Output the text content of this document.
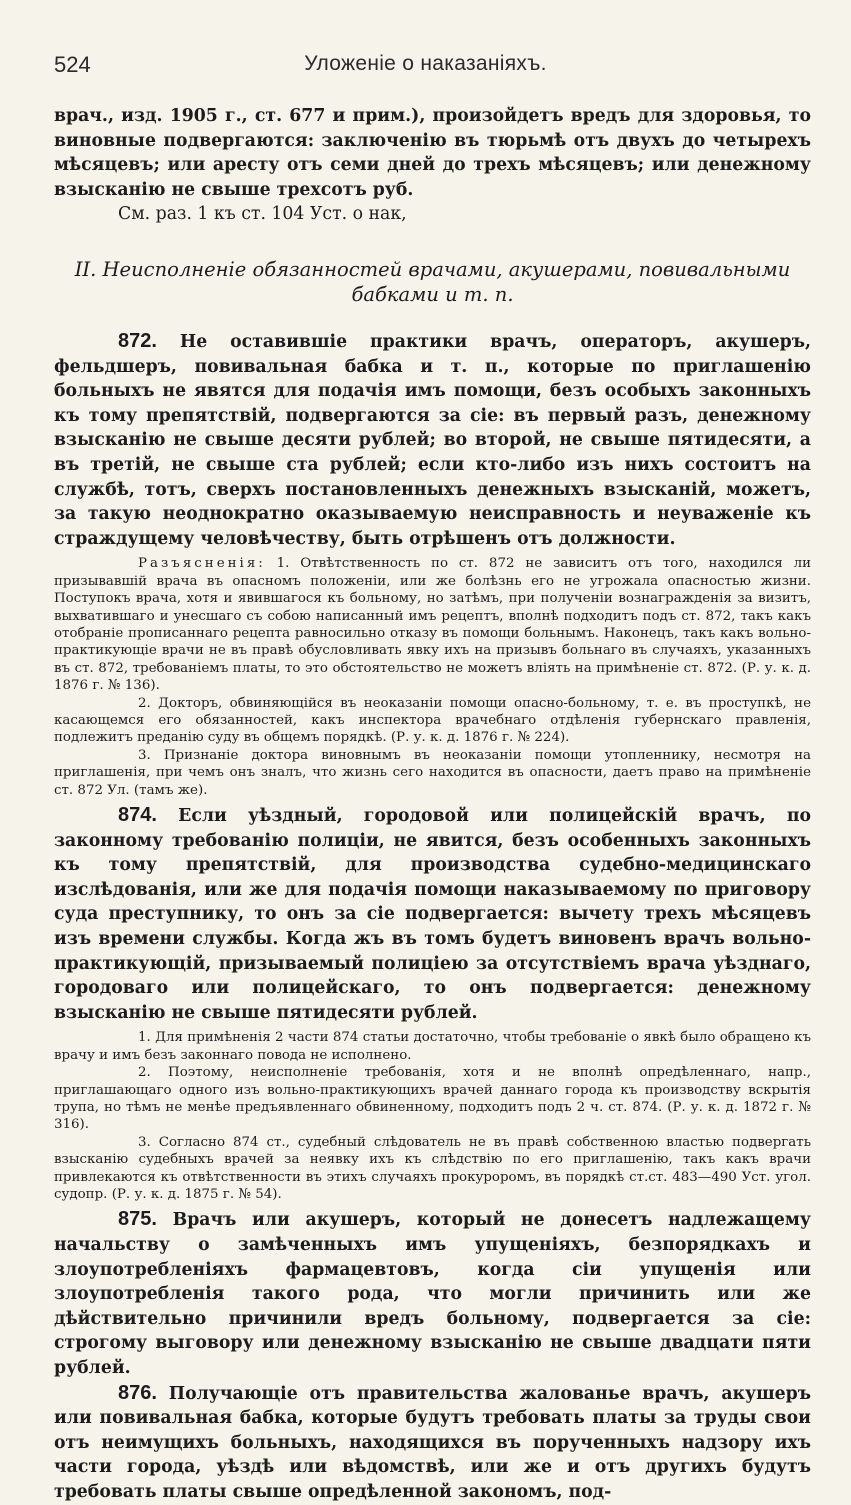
524	Уложеніе о наказаніяхъ.

врач., изд. 1905 г., ст. 677 и прим.), произойдетъ вредъ для здоровья, то виновные подвергаются: заключенію въ тюрьмѣ отъ двухъ до четырехъ мѣсяцевъ; или аресту отъ семи дней до трехъ мѣсяцевъ; или денежному взысканію не свыше трехсотъ руб.

См. раз. 1 къ ст. 104 Уст. о нак,

II. Неисполненіе обязанностей врачами, акушерами, повивальными бабками и т. п.

872. Не оставившіе практики врачъ, операторъ, акушеръ, фельдшеръ, повивальная бабка и т. п., которые по приглашенію больныхъ не явятся для подачія имъ помощи, безъ особыхъ законныхъ къ тому препятствій, подвергаются за сіе: въ первый разъ, денежному взысканію не свыше десяти рублей; во второй, не свыше пятидесяти, а въ третій, не свыше ста рублей; если кто-либо изъ нихъ состоитъ на службѣ, тотъ, сверхъ постановленныхъ денежныхъ взысканій, можетъ, за такую неоднократно оказываемую неисправность и неуваженіе къ страждущему человѣчеству, быть отрѣшенъ отъ должности.

Разъясненія: 1. Отвѣтственность по ст. 872 не зависитъ отъ того, находился ли призывавшій врача въ опасномъ положеніи, или же болѣзнь его не угрожала опасностью жизни. Поступокъ врача, хотя и явившагося къ больному, но затѣмъ, при полученіи вознагражденія за визитъ, выхватившаго и унесшаго съ собою написанный имъ рецептъ, вполнѣ подходитъ подъ ст. 872, такъ какъ отобраніе прописаннаго рецепта равносильно отказу въ помощи больнымъ. Наконецъ, такъ какъ вольно-практикующіе врачи не въ правѣ обусловливать явку ихъ на призывъ больнаго въ случаяхъ, указанныхъ въ ст. 872, требованіемъ платы, то это обстоятельство не можетъ вліять на примѣненіе ст. 872. (Р. у. к. д. 1876 г. № 136).

2. Докторъ, обвиняющійся въ неоказаніи помощи опасно-больному, т. е. въ проступкѣ, не касающемся его обязанностей, какъ инспектора врачебнаго отдѣленія губернскаго правленія, подлежитъ преданію суду въ общемъ порядкѣ. (Р. у. к. д. 1876 г. № 224).

3. Признаніе доктора виновнымъ въ неоказаніи помощи утопленнику, несмотря на приглашенія, при чемъ онъ зналъ, что жизнь сего находится въ опасности, даетъ право на примѣненіе ст. 872 Ул. (тамъ же).

874. Если уѣздный, городовой или полицейскій врачъ, по законному требованію полиціи, не явится, безъ особенныхъ законныхъ къ тому препятствій, для производства судебно-медицинскаго изслѣдованія, или же для подачія помощи наказываемому по приговору суда преступнику, то онъ за сіе подвергается: вычету трехъ мѣсяцевъ изъ времени службы. Когда жъ въ томъ будетъ виновенъ врачъ вольно-практикующій, призываемый полиціею за отсутствіемъ врача уѣзднаго, городоваго или полицейскаго, то онъ подвергается: денежному взысканію не свыше пятидесяти рублей.

1. Для примѣненія 2 части 874 статьи достаточно, чтобы требованіе о явкѣ было обращено къ врачу и имъ безъ законнаго повода не исполнено.

2. Поэтому, неисполненіе требованія, хотя и не вполнѣ опредѣленнаго, напр., приглашающаго одного изъ вольно-практикующихъ врачей даннаго города къ производству вскрытія трупа, но тѣмъ не менѣе предъявленнаго обвиненному, подходитъ подъ 2 ч. ст. 874. (Р. у. к. д. 1872 г. № 316).

3. Согласно 874 ст., судебный слѣдователь не въ правѣ собственною властью подвергать взысканію судебныхъ врачей за неявку ихъ къ слѣдствію по его приглашенію, такъ какъ врачи привлекаются къ отвѣтственности въ этихъ случаяхъ прокуроромъ, въ порядкѣ ст.ст. 483—490 Уст. угол. судопр. (Р. у. к. д. 1875 г. № 54).

875. Врачъ или акушеръ, который не донесетъ надлежащему начальству о замѣченныхъ имъ упущеніяхъ, безпорядкахъ и злоупотребленіяхъ фармацевтовъ, когда сіи упущенія или злоупотребленія такого рода, что могли причинить или же дѣйствительно причинили вредъ больному, подвергается за сіе: строгому выговору или денежному взысканію не свыше двадцати пяти рублей.

876. Получающіе отъ правительства жалованье врачъ, акушеръ или повивальная бабка, которые будутъ требовать платы за труды свои отъ неимущихъ больныхъ, находящихся въ порученныхъ надзору ихъ части города, уѣздѣ или вѣдомствѣ, или же и отъ другихъ будутъ требовать платы свыше опредѣленной закономъ, под-
